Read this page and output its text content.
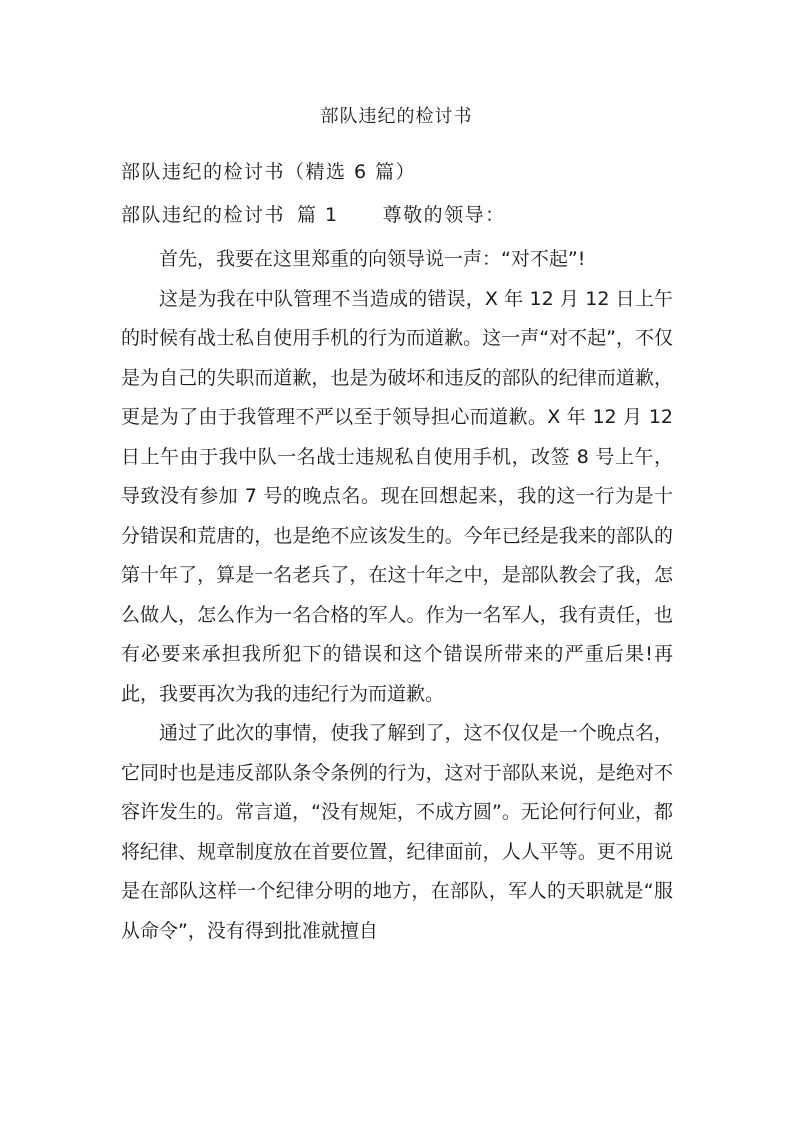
部队违纪的检讨书
部队违纪的检讨书（精选 6 篇）
部队违纪的检讨书 篇 1 尊敬的领导：

首先，我要在这里郑重的向领导说一声：“对不起”!

这是为我在中队管理不当造成的错误，X 年 12 月 12 日上午的时候有战士私自使用手机的行为而道歉。这一声“对不起”，不仅是为自己的失职而道歉，也是为破坏和违反的部队的纪律而道歉，更是为了由于我管理不严以至于领导担心而道歉。X 年 12 月 12 日上午由于我中队一名战士违规私自使用手机，改签 8 号上午，导致没有参加 7 号的晚点名。现在回想起来，我的这一行为是十分错误和荒唐的，也是绝不应该发生的。今年已经是我来的部队的第十年了，算是一名老兵了，在这十年之中，是部队教会了我，怎么做人，怎么作为一名合格的军人。作为一名军人，我有责任，也有必要来承担我所犯下的错误和这个错误所带来的严重后果!再此，我要再次为我的违纪行为而道歉。

通过了此次的事情，使我了解到了，这不仅仅是一个晚点名，它同时也是违反部队条令条例的行为，这对于部队来说，是绝对不容许发生的。常言道，“没有规矩，不成方圆”。无论何行何业，都将纪律、规章制度放在首要位置，纪律面前，人人平等。更不用说是在部队这样一个纪律分明的地方，在部队，军人的天职就是“服从命令”，没有得到批准就擅自
